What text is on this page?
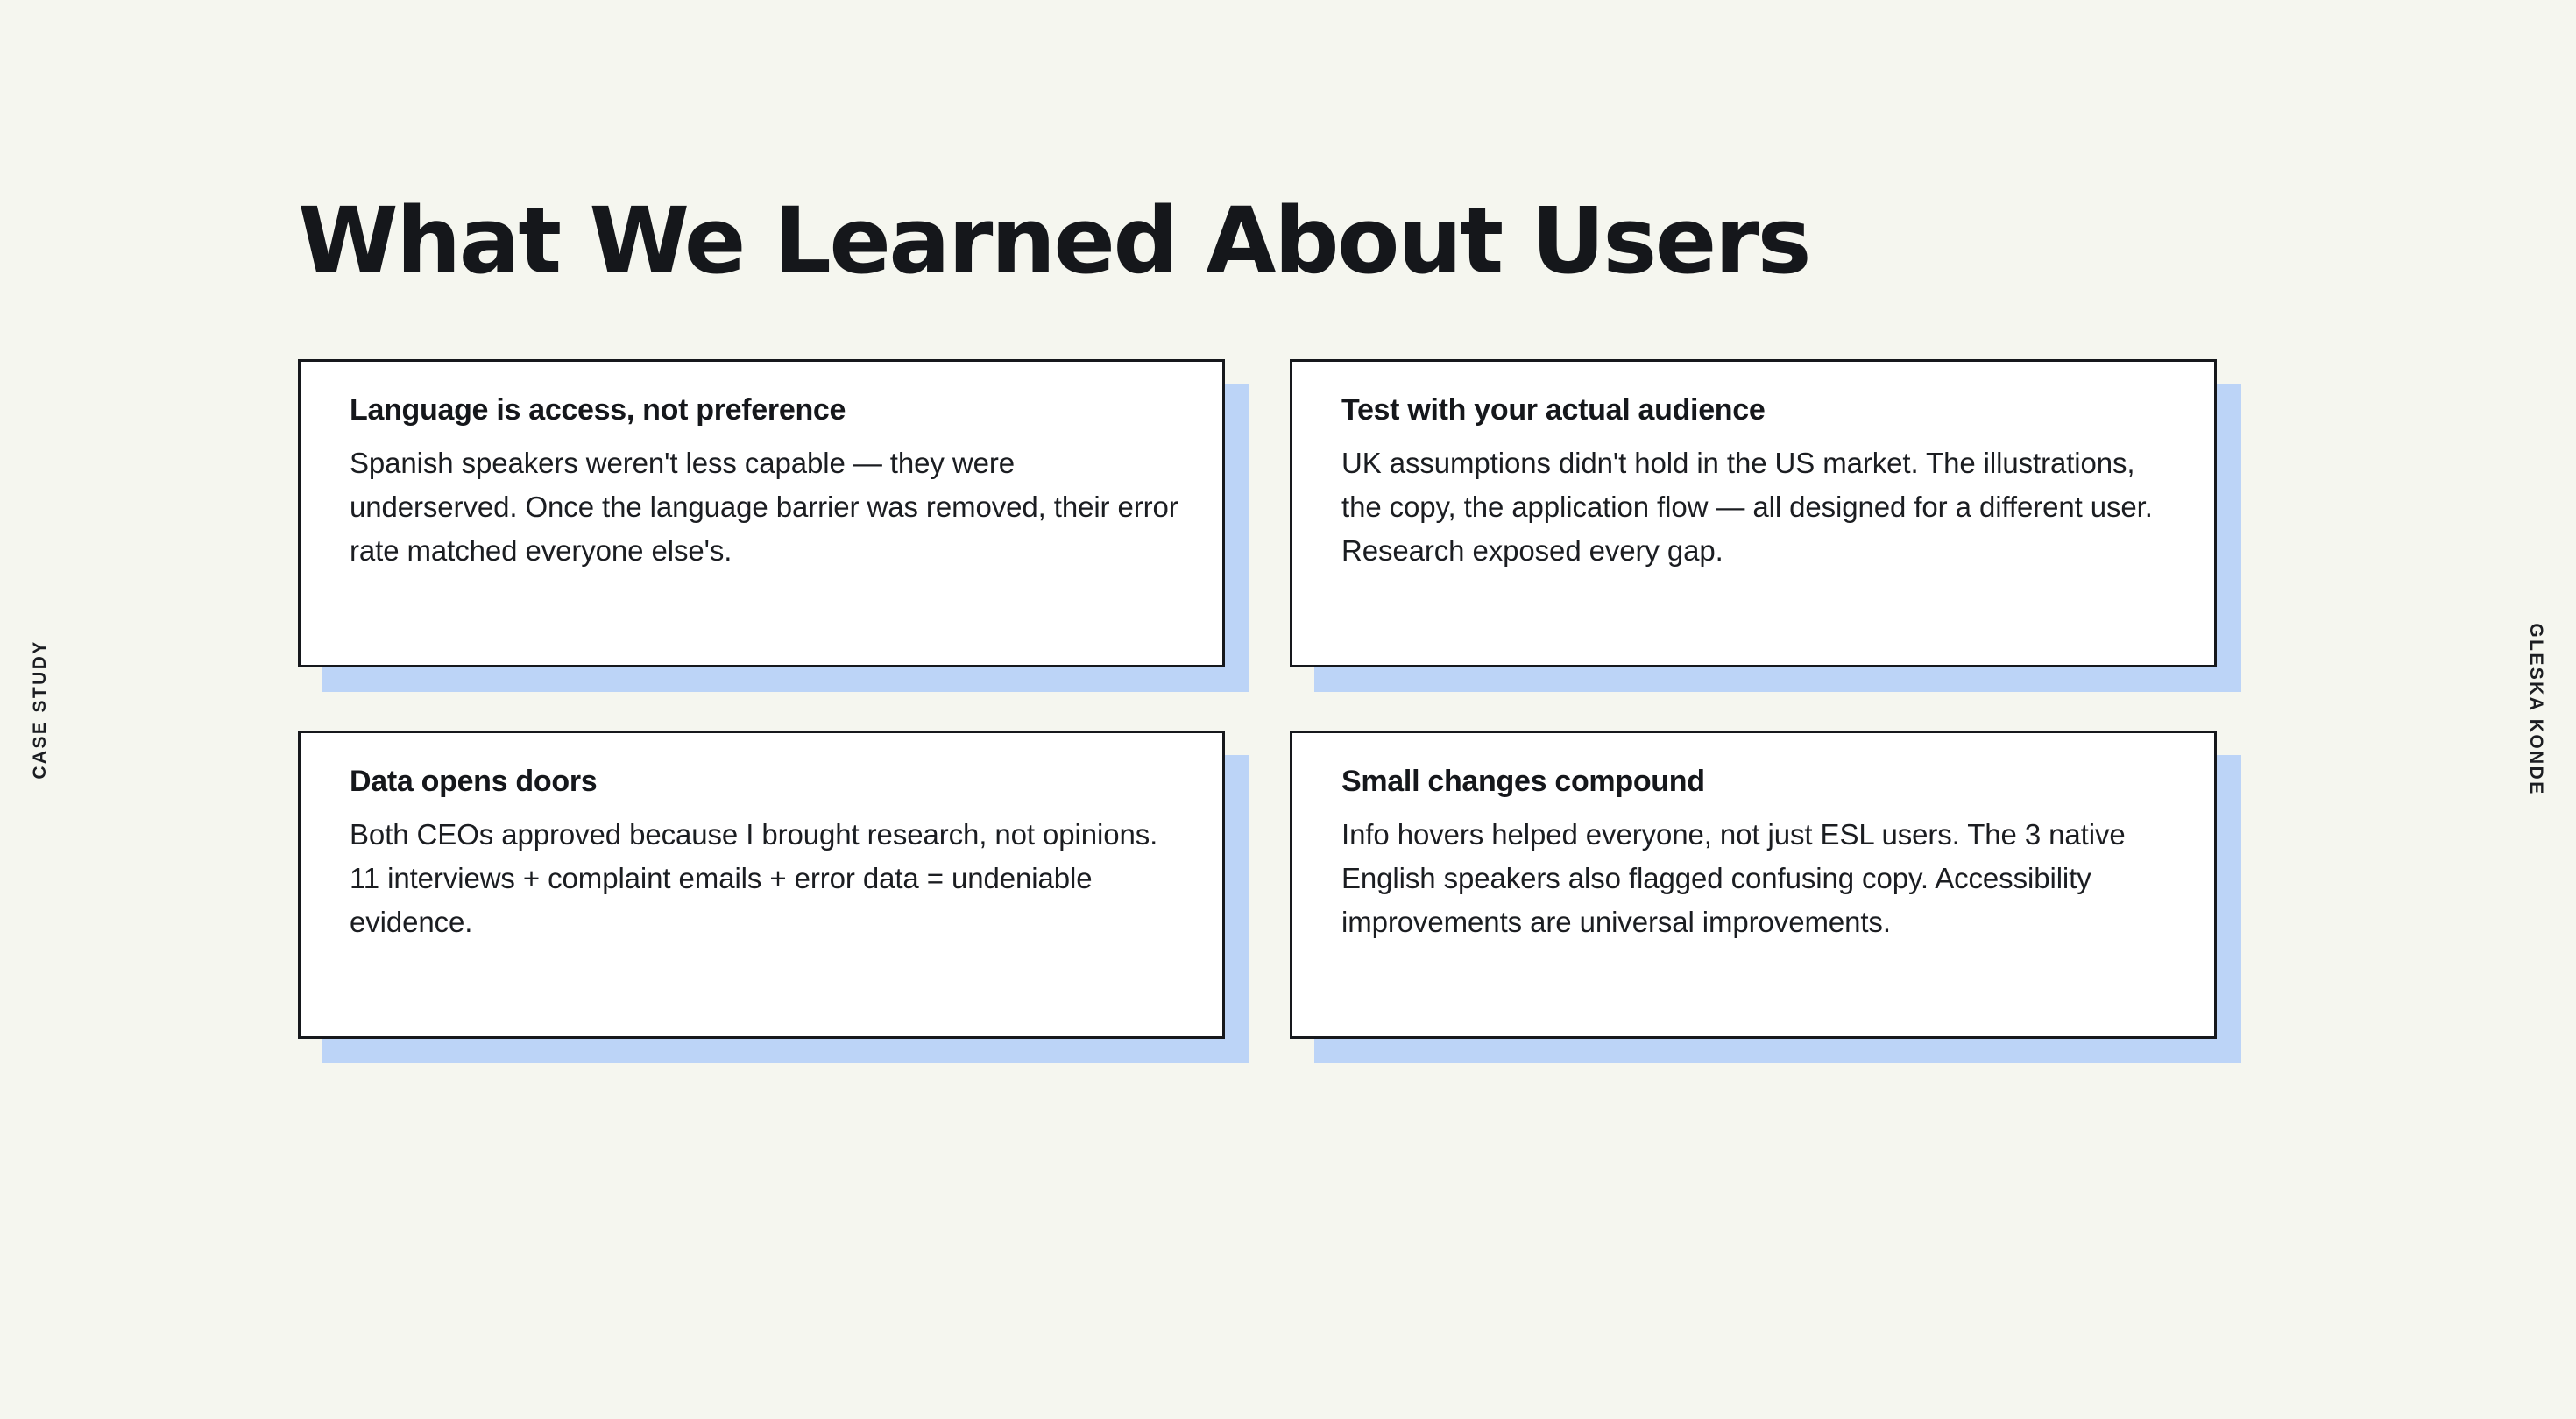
CASE STUDY	GLESKA KONDE
What We Learned About Users

Language is access, not preference

Spanish speakers weren't less capable — they were underserved. Once the language barrier was removed, their error rate matched everyone else's.

Test with your actual audience

UK assumptions didn't hold in the US market. The illustrations, the copy, the application flow — all designed for a different user. Research exposed every gap.

Data opens doors

Both CEOs approved because I brought research, not opinions. 11 interviews + complaint emails + error data = undeniable evidence.

Small changes compound

Info hovers helped everyone, not just ESL users. The 3 native English speakers also flagged confusing copy. Accessibility improvements are universal improvements.
